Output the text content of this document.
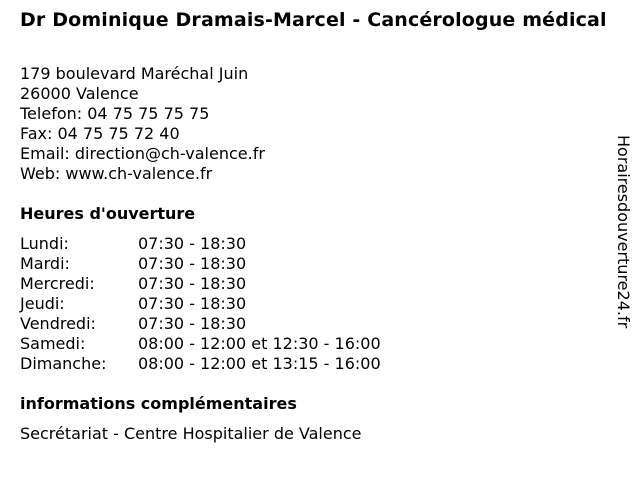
Dr Dominique Dramais-Marcel - Cancérologue médical
179 boulevard Maréchal Juin
26000 Valence
Telefon: 04 75 75 75 75
Fax: 04 75 75 72 40
Email: direction@ch-valence.fr
Web: www.ch-valence.fr
Heures d'ouverture
Lundi:	07:30 - 18:30
Mardi:	07:30 - 18:30
Mercredi:	07:30 - 18:30
Jeudi:	07:30 - 18:30
Vendredi:	07:30 - 18:30
Samedi:	08:00 - 12:00 et 12:30 - 16:00
Dimanche:	08:00 - 12:00 et 13:15 - 16:00
informations complémentaires
Secrétariat - Centre Hospitalier de Valence
Horairesdouverture24.fr
